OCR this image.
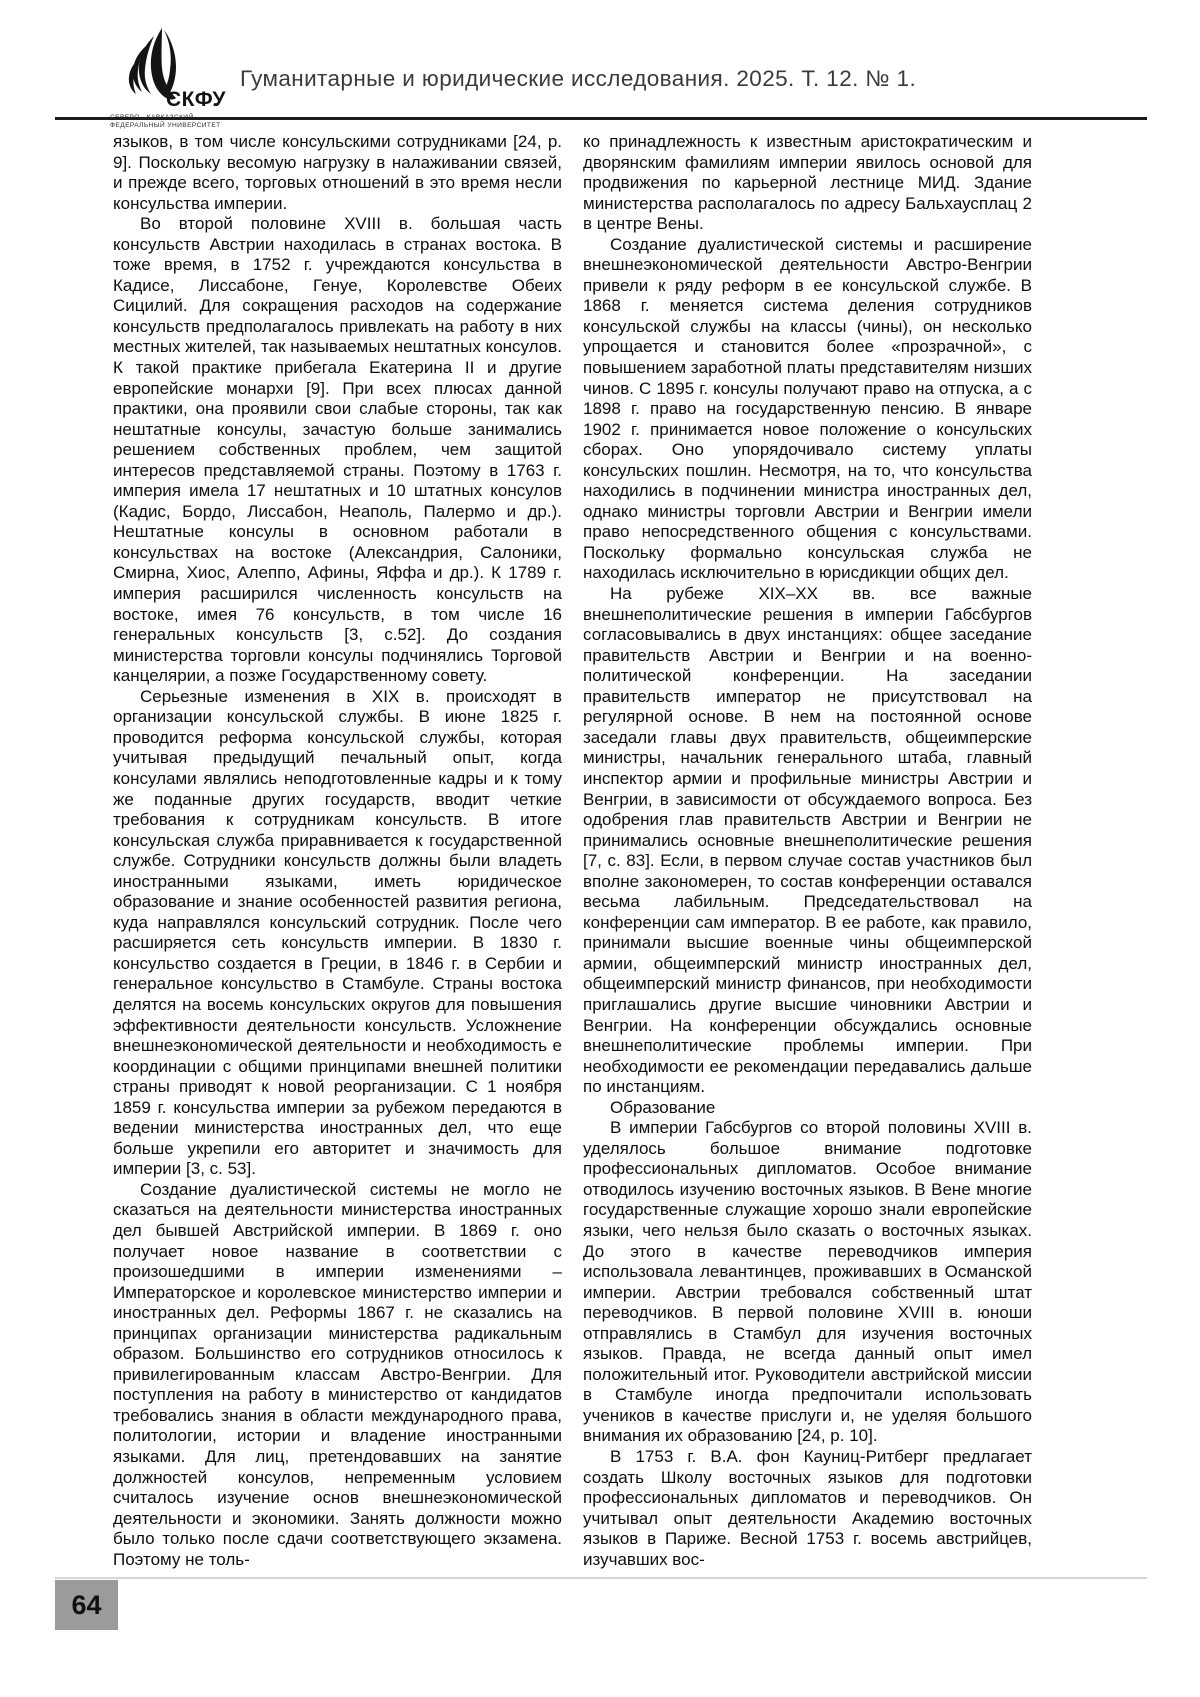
СКФУ

ФЕДЕРАЛЬНЫЙ УНИВЕРСИТЕТ
Гуманитарные и юридические исследования. 2025. Т. 12. № 1.

языков, в том числе консульскими сотрудниками [24, р. 9]. Поскольку весомую нагрузку в налаживании связей, и прежде всего, торговых отношений в это время несли консульства империи.

Во второй половине XVIII в. большая часть консульств Австрии находилась в странах востока. В тоже время, в 1752 г. учреждаются консульства в Кадисе, Лиссабоне, Генуе, Королевстве Обеих Сицилий. Для сокращения расходов на содержание консульств предполагалось привлекать на работу в них местных жителей, так называемых нештатных консулов. К такой практике прибегала Екатерина II и другие европейские монархи [9]. При всех плюсах данной практики, она проявили свои слабые стороны, так как нештатные консулы, зачастую больше занимались решением собственных проблем, чем защитой интересов представляемой страны. Поэтому в 1763 г. империя имела 17 нештатных и 10 штатных консулов (Кадис, Бордо, Лиссабон, Неаполь, Палермо и др.). Нештатные консулы в основном работали в консульствах на востоке (Александрия, Салоники, Смирна, Хиос, Алеппо, Афины, Яффа и др.). К 1789 г. империя расширился численность консульств на востоке, имея 76 консульств, в том числе 16 генеральных консульств [3, с.52]. До создания министерства торговли консулы подчинялись Торговой канцелярии, а позже Государственному совету.

Серьезные изменения в XIX в. происходят в организации консульской службы. В июне 1825 г. проводится реформа консульской службы, которая учитывая предыдущий печальный опыт, когда консулами являлись неподготовленные кадры и к тому же поданные других государств, вводит четкие требования к сотрудникам консульств. В итоге консульская служба приравнивается к государственной службе. Сотрудники консульств должны были владеть иностранными языками, иметь юридическое образование и знание особенностей развития региона, куда направлялся консульский сотрудник. После чего расширяется сеть консульств империи. В 1830 г. консульство создается в Греции, в 1846 г. в Сербии и генеральное консульство в Стамбуле. Страны востока делятся на восемь консульских округов для повышения эффективности деятельности консульств. Усложнение внешнеэкономической деятельности и необходимость е координации с общими принципами внешней политики страны приводят к новой реорганизации. С 1 ноября 1859 г. консульства империи за рубежом передаются в ведении министерства иностранных дел, что еще больше укрепили его авторитет и значимость для империи [3, с. 53].

Создание дуалистической системы не могло не сказаться на деятельности министерства иностранных дел бывшей Австрийской империи. В 1869 г. оно получает новое название в соответствии с произошедшими в империи изменениями – Императорское и королевское министерство империи и иностранных дел. Реформы 1867 г. не сказались на принципах организации министерства радикальным образом. Большинство его сотрудников относилось к привилегированным классам Австро-Венгрии. Для поступления на работу в министерство от кандидатов требовались знания в области международного права, политологии, истории и владение иностранными языками. Для лиц, претендовавших на занятие должностей консулов, непременным условием считалось изучение основ внешнеэкономической деятельности и экономики. Занять должности можно было только после сдачи соответствующего экзамена. Поэтому не толь-

ко принадлежность к известным аристократическим и дворянским фамилиям империи явилось основой для продвижения по карьерной лестнице МИД. Здание министерства располагалось по адресу Бальхаусплац 2 в центре Вены.

Создание дуалистической системы и расширение внешнеэкономической деятельности Австро-Венгрии привели к ряду реформ в ее консульской службе. В 1868 г. меняется система деления сотрудников консульской службы на классы (чины), он несколько упрощается и становится более «прозрачной», с повышением заработной платы представителям низших чинов. С 1895 г. консулы получают право на отпуска, а с 1898 г. право на государственную пенсию. В январе 1902 г. принимается новое положение о консульских сборах. Оно упорядочивало систему уплаты консульских пошлин. Несмотря, на то, что консульства находились в подчинении министра иностранных дел, однако министры торговли Австрии и Венгрии имели право непосредственного общения с консульствами. Поскольку формально консульская служба не находилась исключительно в юрисдикции общих дел.

На рубеже XIX–XX вв. все важные внешнеполитические решения в империи Габсбургов согласовывались в двух инстанциях: общее заседание правительств Австрии и Венгрии и на военно-политической конференции. На заседании правительств император не присутствовал на регулярной основе. В нем на постоянной основе заседали главы двух правительств, общеимперские министры, начальник генерального штаба, главный инспектор армии и профильные министры Австрии и Венгрии, в зависимости от обсуждаемого вопроса. Без одобрения глав правительств Австрии и Венгрии не принимались основные внешнеполитические решения [7, с. 83]. Если, в первом случае состав участников был вполне закономерен, то состав конференции оставался весьма лабильным. Председательствовал на конференции сам император. В ее работе, как правило, принимали высшие военные чины общеимперской армии, общеимперский министр иностранных дел, общеимперский министр финансов, при необходимости приглашались другие высшие чиновники Австрии и Венгрии. На конференции обсуждались основные внешнеполитические проблемы империи. При необходимости ее рекомендации передавались дальше по инстанциям.

Образование

В империи Габсбургов со второй половины XVIII в. уделялось большое внимание подготовке профессиональных дипломатов. Особое внимание отводилось изучению восточных языков. В Вене многие государственные служащие хорошо знали европейские языки, чего нельзя было сказать о восточных языках. До этого в качестве переводчиков империя использовала левантинцев, проживавших в Османской империи. Австрии требовался собственный штат переводчиков. В первой половине XVIII в. юноши отправлялись в Стамбул для изучения восточных языков. Правда, не всегда данный опыт имел положительный итог. Руководители австрийской миссии в Стамбуле иногда предпочитали использовать учеников в качестве прислуги и, не уделяя большого внимания их образованию [24, р. 10].

В 1753 г. В.А. фон Кауниц-Ритберг предлагает создать Школу восточных языков для подготовки профессиональных дипломатов и переводчиков. Он учитывал опыт деятельности Академию восточных языков в Париже. Весной 1753 г. восемь австрийцев, изучавших вос-

64
